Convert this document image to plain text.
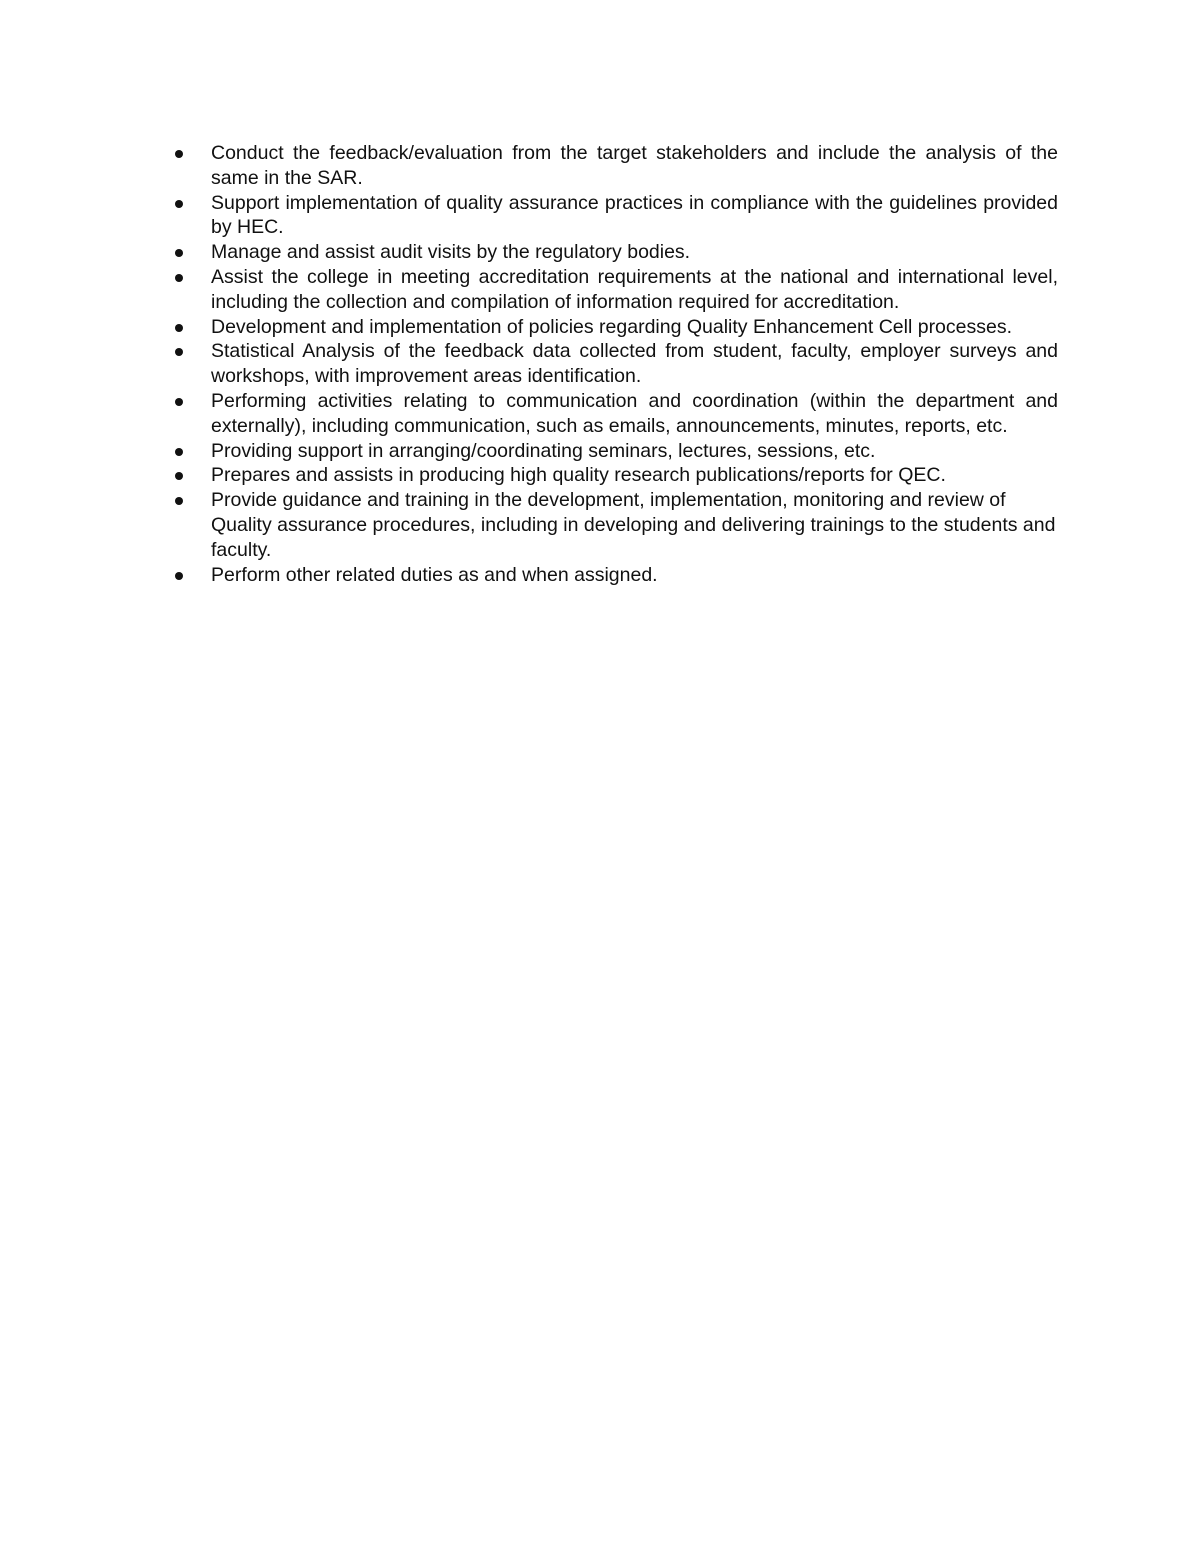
Conduct the feedback/evaluation from the target stakeholders and include the analysis of the same in the SAR.
Support implementation of quality assurance practices in compliance with the guidelines provided by HEC.
Manage and assist audit visits by the regulatory bodies.
Assist the college in meeting accreditation requirements at the national and international level, including the collection and compilation of information required for accreditation.
Development and implementation of policies regarding Quality Enhancement Cell processes.
Statistical Analysis of the feedback data collected from student, faculty, employer surveys and workshops, with improvement areas identification.
Performing activities relating to communication and coordination (within the department and externally), including communication, such as emails, announcements, minutes, reports, etc.
Providing support in arranging/coordinating seminars, lectures, sessions, etc.
Prepares and assists in producing high quality research publications/reports for QEC.
Provide guidance and training in the development, implementation, monitoring and review of Quality assurance procedures, including in developing and delivering trainings to the students and faculty.
Perform other related duties as and when assigned.
